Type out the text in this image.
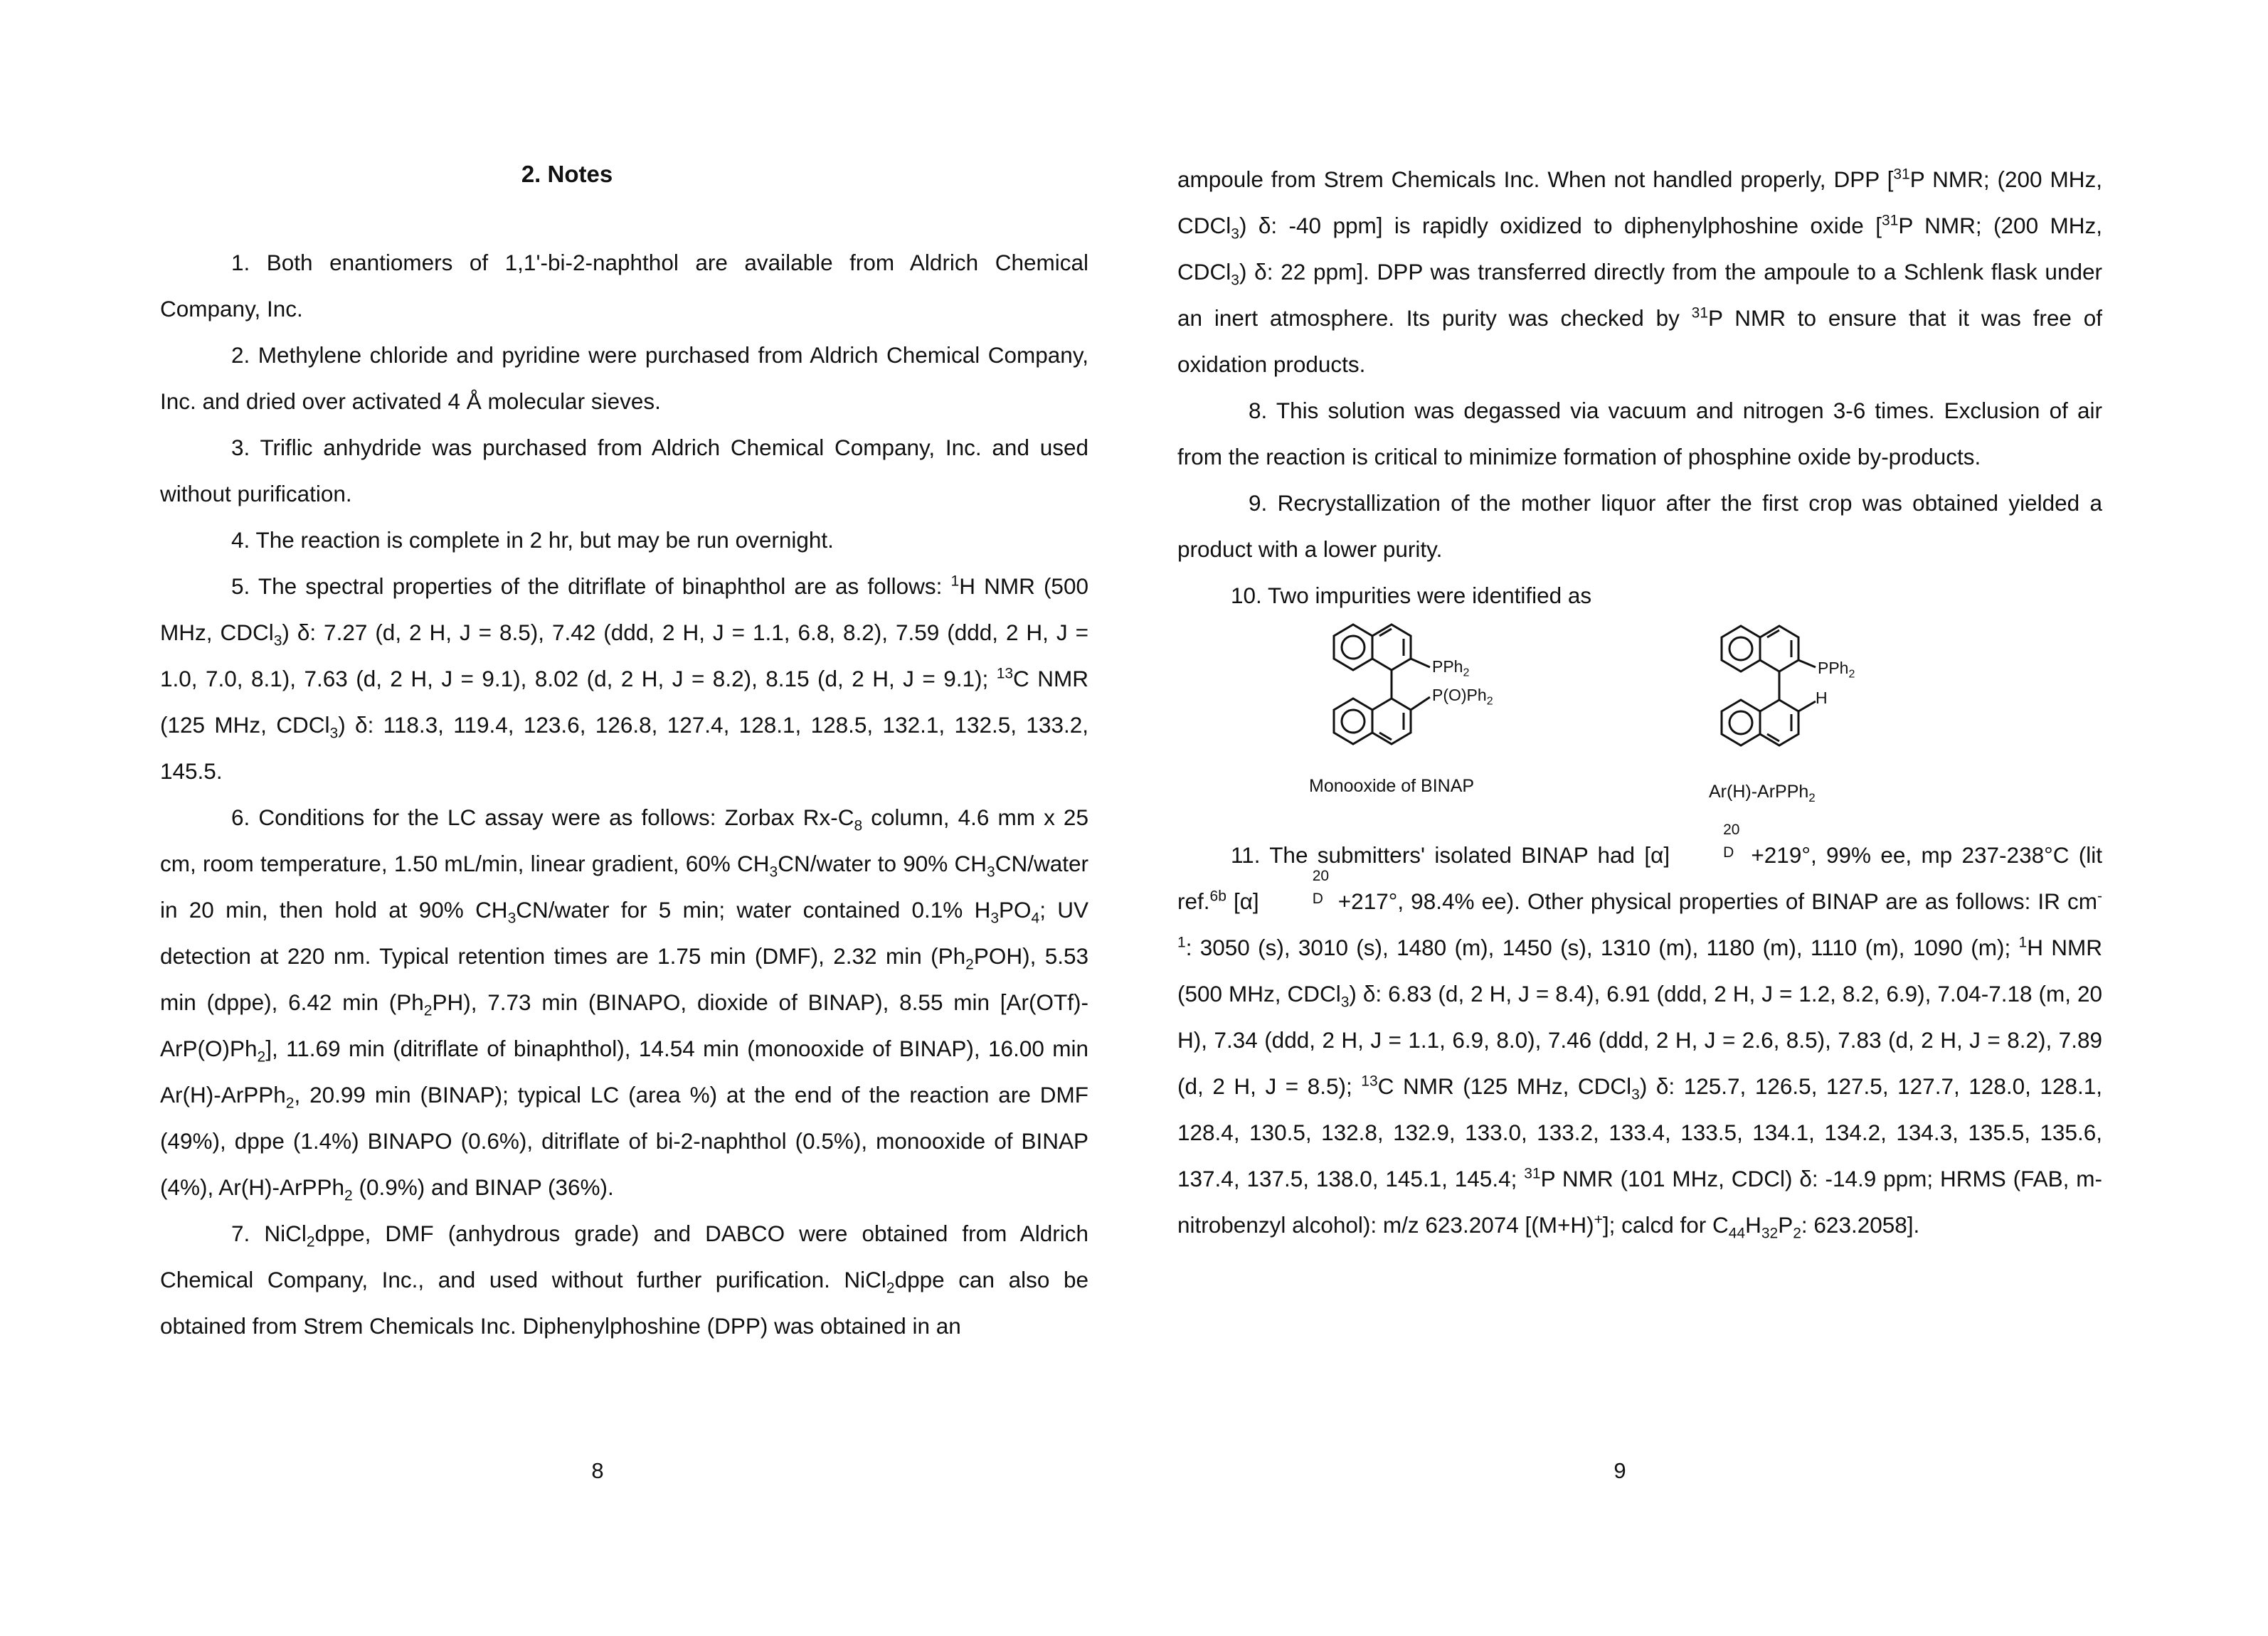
2. Notes

1. Both enantiomers of 1,1'-bi-2-naphthol are available from Aldrich Chemical Company, Inc.

2. Methylene chloride and pyridine were purchased from Aldrich Chemical Company, Inc. and dried over activated 4 Å molecular sieves.

3. Triflic anhydride was purchased from Aldrich Chemical Company, Inc. and used without purification.

4. The reaction is complete in 2 hr, but may be run overnight.

5. The spectral properties of the ditriflate of binaphthol are as follows: $^1$H NMR (500 MHz, CDCl$_3$) δ: 7.27 (d, 2 H, J = 8.5), 7.42 (ddd, 2 H, J = 1.1, 6.8, 8.2), 7.59 (ddd, 2 H, J = 1.0, 7.0, 8.1), 7.63 (d, 2 H, J = 9.1), 8.02 (d, 2 H, J = 8.2), 8.15 (d, 2 H, J = 9.1); $^{13}$C NMR (125 MHz, CDCl$_3$) δ: 118.3, 119.4, 123.6, 126.8, 127.4, 128.1, 128.5, 132.1, 132.5, 133.2, 145.5.

6. Conditions for the LC assay were as follows: Zorbax $Rx-C_8$ column, 4.6 mm x 25 cm, room temperature, 1.50 mL/min, linear gradient, 60% $CH_3CN$/water to 90% $CH_3CN$/water in 20 min, then hold at 90% $CH_3CN$/water for 5 min; water contained 0.1% $H_3PO_4$; UV detection at 220 nm. Typical retention times are 1.75 min (DMF), 2.32 $\min (Ph_2POH)$, 5.53 min (dppe), 6.42 $\min (Ph_2PH)$, 7.73 min (BINAPO, dioxide of BINAP), 8.55 $\min [Ar(OTf)-ArP(O)Ph_2]$, 11.69 min (ditriflate of binaphthol), 14.54 min (monooxide of BINAP), 16.00 min Ar(H)-ArPPh$_2$, 20.99 min (BINAP); typical LC (area %) at the end of the reaction are DMF (49%), dppe (1.4%) BINAPO (0.6%), ditriflate of bi-2-naphthol (0.5%), monooxide of BINAP (4%), Ar(H)-ArPPh$_2$ (0.9%) and BINAP (36%).

7. NiCl$_2$dppe, DMF (anhydrous grade) and DABCO were obtained from Aldrich Chemical Company, Inc., and used without further purification. NiCl$_2$dppe can also be obtained from Strem Chemicals Inc. Diphenylphoshine (DPP) was obtained in an

8

ampoule from Strem Chemicals Inc. When not handled properly, DPP [$^{31}$P NMR; (200 MHz, CDCl$_3$) δ: -40 ppm] is rapidly oxidized to diphenylphoshine oxide [$^{31}$P NMR; (200 MHz, CDCl$_3$) δ: 22 ppm]. DPP was transferred directly from the ampoule to a Schlenk flask under an inert atmosphere. Its purity was checked by $^{31}$P NMR to ensure that it was free of oxidation products.

8. This solution was degassed via vacuum and nitrogen 3-6 times. Exclusion of air from the reaction is critical to minimize formation of phosphine oxide by-products.

9. Recrystallization of the mother liquor after the first crop was obtained yielded a product with a lower purity.

10. Two impurities were identified as

PPh$_2$
$P(O)Ph_2$
Monooxide of BINAP
PPh$_2$
H
Ar(H)-ArPPh$_2$

11. The submitters' isolated BINAP had [α]
20
D +219°, 99% ee, mp 237-238°C (lit ref.$^{6b}$ [α]
20
D +217°, 98.4% ee). Other physical properties of BINAP are as follows: IR $cm^{-1}$: 3050 (s), 3010 (s), 1480 (m), 1450 (s), 1310 (m), 1180 (m), 1110 (m), 1090 (m); $^1$H NMR (500 MHz, CDCl$_3$) δ: 6.83 (d, 2 H, J = 8.4), 6.91 (ddd, 2 H, J = 1.2, 8.2, 6.9), 7.04-7.18 (m, 20 H), 7.34 (ddd, 2 H, J = 1.1, 6.9, 8.0), 7.46 (ddd, 2 H, J = 2.6, 8.5), 7.83 (d, 2 H, J = 8.2), 7.89 (d, 2 H, J = 8.5); $^{13}$C NMR (125 MHz, CDCl$_3$) δ: 125.7, 126.5, 127.5, 127.7, 128.0, 128.1, 128.4, 130.5, 132.8, 132.9, 133.0, 133.2, 133.4, 133.5, 134.1, 134.2, 134.3, 135.5, 135.6, 137.4, 137.5, 138.0, 145.1, 145.4; $^{31}$P NMR (101 MHz, CDCl) δ: -14.9 ppm; HRMS (FAB, m-nitrobenzyl alcohol): m/z 623.2074 [(M+H)+]; calcd for $C_{44}H_{32}P_2$: 623.2058].

9
